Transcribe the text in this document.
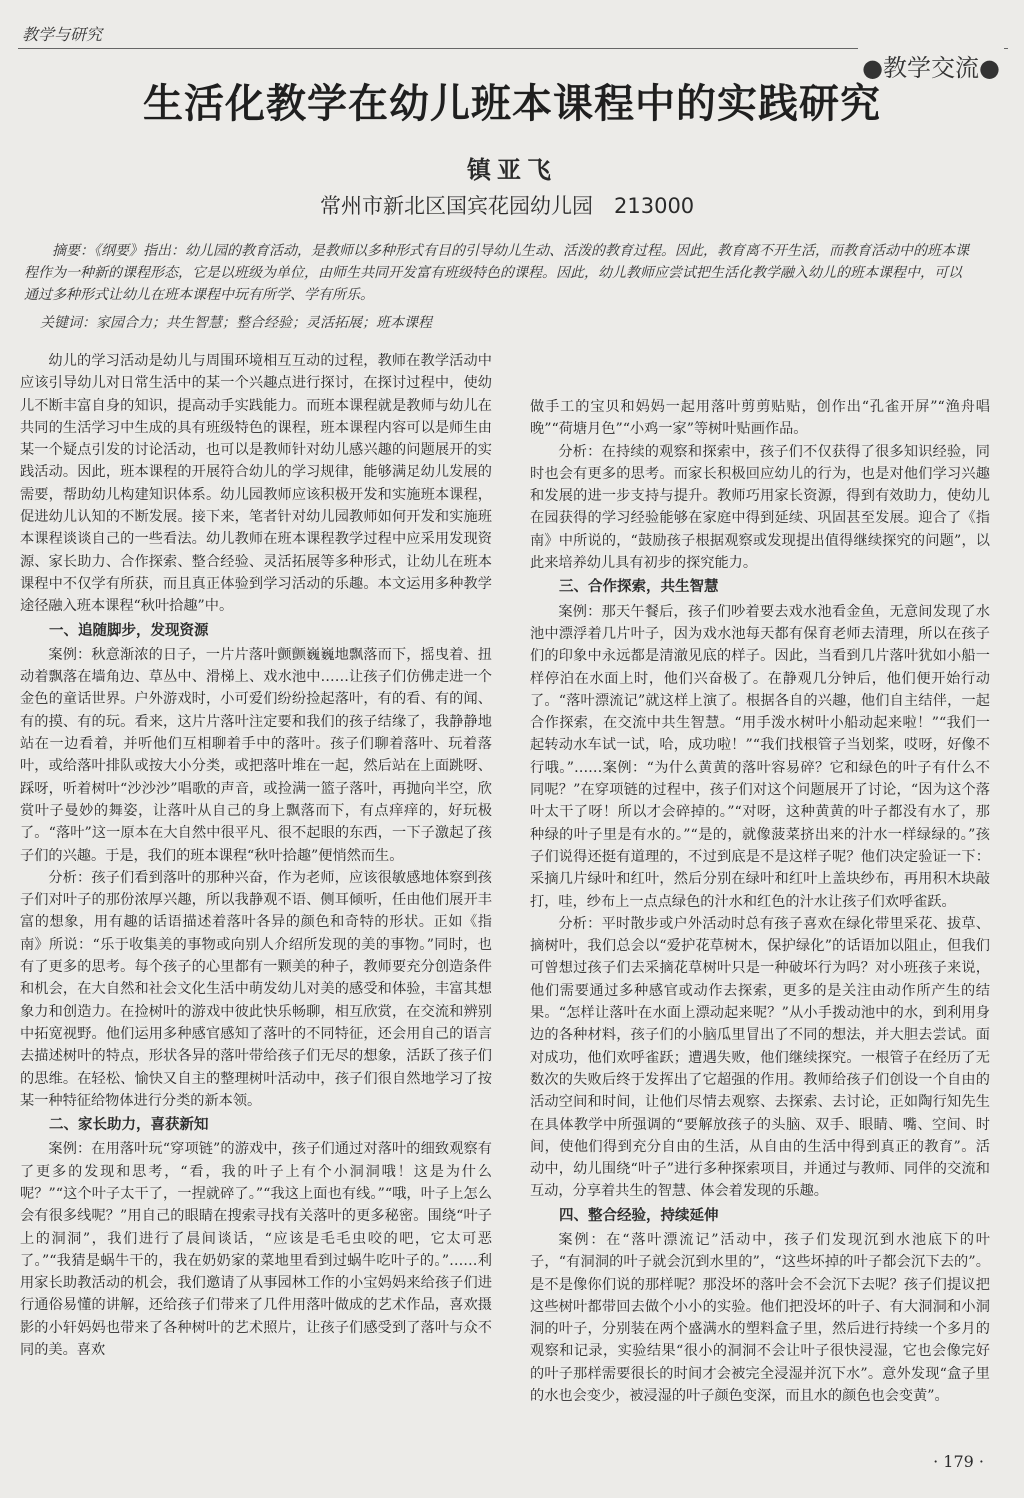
教学与研究
●教学交流●
生活化教学在幼儿班本课程中的实践研究
镇亚飞
常州市新北区国宾花园幼儿园　213000
摘要：《纲要》指出：幼儿园的教育活动，是教师以多种形式有目的引导幼儿生动、活泼的教育过程。因此，教育离不开生活，而教育活动中的班本课程作为一种新的课程形态，它是以班级为单位，由师生共同开发富有班级特色的课程。因此，幼儿教师应尝试把生活化教学融入幼儿的班本课程中，可以通过多种形式让幼儿在班本课程中玩有所学、学有所乐。
关键词：家园合力；共生智慧；整合经验；灵活拓展；班本课程

幼儿的学习活动是幼儿与周围环境相互互动的过程，教师在教学活动中应该引导幼儿对日常生活中的某一个兴趣点进行探讨，在探讨过程中，使幼儿不断丰富自身的知识，提高动手实践能力。而班本课程就是教师与幼儿在共同的生活学习中生成的具有班级特色的课程，班本课程内容可以是师生由某一个疑点引发的讨论活动，也可以是教师针对幼儿感兴趣的问题展开的实践活动。因此，班本课程的开展符合幼儿的学习规律，能够满足幼儿发展的需要，帮助幼儿构建知识体系。幼儿园教师应该积极开发和实施班本课程，促进幼儿认知的不断发展。接下来，笔者针对幼儿园教师如何开发和实施班本课程谈谈自己的一些看法。幼儿教师在班本课程教学过程中应采用发现资源、家长助力、合作探索、整合经验、灵活拓展等多种形式，让幼儿在班本课程中不仅学有所获，而且真正体验到学习活动的乐趣。本文运用多种教学途径融入班本课程“秋叶拾趣”中。

一、追随脚步，发现资源

案例：秋意渐浓的日子，一片片落叶颤颤巍巍地飘落而下，摇曳着、扭动着飘落在墙角边、草丛中、滑梯上、戏水池中……让孩子们仿佛走进一个金色的童话世界。户外游戏时，小可爱们纷纷捡起落叶，有的看、有的闻、有的摸、有的玩。看来，这片片落叶注定要和我们的孩子结缘了，我静静地站在一边看着，并听他们互相聊着手中的落叶。孩子们聊着落叶、玩着落叶，或给落叶排队或按大小分类，或把落叶堆在一起，然后站在上面跳呀、踩呀，听着树叶“沙沙沙”唱歌的声音，或捡满一篮子落叶，再抛向半空，欣赏叶子曼妙的舞姿，让落叶从自己的身上飘落而下，有点痒痒的，好玩极了。“落叶”这一原本在大自然中很平凡、很不起眼的东西，一下子激起了孩子们的兴趣。于是，我们的班本课程“秋叶拾趣”便悄然而生。

分析：孩子们看到落叶的那种兴奋，作为老师，应该很敏感地体察到孩子们对叶子的那份浓厚兴趣，所以我静观不语、侧耳倾听，任由他们展开丰富的想象，用有趣的话语描述着落叶各异的颜色和奇特的形状。正如《指南》所说：“乐于收集美的事物或向别人介绍所发现的美的事物。”同时，也有了更多的思考。每个孩子的心里都有一颗美的种子，教师要充分创造条件和机会，在大自然和社会文化生活中萌发幼儿对美的感受和体验，丰富其想象力和创造力。在捡树叶的游戏中彼此快乐畅聊，相互欣赏，在交流和辨别中拓宽视野。他们运用多种感官感知了落叶的不同特征，还会用自己的语言去描述树叶的特点，形状各异的落叶带给孩子们无尽的想象，活跃了孩子们的思维。在轻松、愉快又自主的整理树叶活动中，孩子们很自然地学习了按某一种特征给物体进行分类的新本领。

二、家长助力，喜获新知

案例：在用落叶玩“穿项链”的游戏中，孩子们通过对落叶的细致观察有了更多的发现和思考，“看，我的叶子上有个小洞洞哦！这是为什么呢？”“这个叶子太干了，一捏就碎了。”“我这上面也有线。”“哦，叶子上怎么会有很多线呢？”用自己的眼睛在搜索寻找有关落叶的更多秘密。围绕“叶子上的洞洞”，我们进行了晨间谈话，“应该是毛毛虫咬的吧，它太可恶了。”“我猜是蜗牛干的，我在奶奶家的菜地里看到过蜗牛吃叶子的。”……利用家长助教活动的机会，我们邀请了从事园林工作的小宝妈妈来给孩子们进行通俗易懂的讲解，还给孩子们带来了几件用落叶做成的艺术作品，喜欢摄影的小轩妈妈也带来了各种树叶的艺术照片，让孩子们感受到了落叶与众不同的美。喜欢

做手工的宝贝和妈妈一起用落叶剪剪贴贴，创作出“孔雀开屏”“渔舟唱晚”“荷塘月色”“小鸡一家”等树叶贴画作品。

分析：在持续的观察和探索中，孩子们不仅获得了很多知识经验，同时也会有更多的思考。而家长积极回应幼儿的行为，也是对他们学习兴趣和发展的进一步支持与提升。教师巧用家长资源，得到有效助力，使幼儿在园获得的学习经验能够在家庭中得到延续、巩固甚至发展。迎合了《指南》中所说的，“鼓励孩子根据观察或发现提出值得继续探究的问题”，以此来培养幼儿具有初步的探究能力。

三、合作探索，共生智慧

案例：那天午餐后，孩子们吵着要去戏水池看金鱼，无意间发现了水池中漂浮着几片叶子，因为戏水池每天都有保育老师去清理，所以在孩子们的印象中永远都是清澈见底的样子。因此，当看到几片落叶犹如小船一样停泊在水面上时，他们兴奋极了。在静观几分钟后，他们便开始行动了。“落叶漂流记”就这样上演了。根据各自的兴趣，他们自主结伴，一起合作探索，在交流中共生智慧。“用手泼水树叶小船动起来啦！”“我们一起转动水车试一试，哈，成功啦！”“我们找根管子当划桨，哎呀，好像不行哦。”……案例：“为什么黄黄的落叶容易碎？它和绿色的叶子有什么不同呢？”在穿项链的过程中，孩子们对这个问题展开了讨论，“因为这个落叶太干了呀！所以才会碎掉的。”“对呀，这种黄黄的叶子都没有水了，那种绿的叶子里是有水的。”“是的，就像菠菜挤出来的汁水一样绿绿的。”孩子们说得还挺有道理的，不过到底是不是这样子呢？他们决定验证一下：采摘几片绿叶和红叶，然后分别在绿叶和红叶上盖块纱布，再用积木块敲打，哇，纱布上一点点绿色的汁水和红色的汁水让孩子们欢呼雀跃。

分析：平时散步或户外活动时总有孩子喜欢在绿化带里采花、拔草、摘树叶，我们总会以“爱护花草树木，保护绿化”的话语加以阻止，但我们可曾想过孩子们去采摘花草树叶只是一种破坏行为吗？对小班孩子来说，他们需要通过多种感官或动作去探索，更多的是关注由动作所产生的结果。“怎样让落叶在水面上漂动起来呢？”从小手拨动池中的水，到利用身边的各种材料，孩子们的小脑瓜里冒出了不同的想法，并大胆去尝试。面对成功，他们欢呼雀跃；遭遇失败，他们继续探究。一根管子在经历了无数次的失败后终于发挥出了它超强的作用。教师给孩子们创设一个自由的活动空间和时间，让他们尽情去观察、去探索、去讨论，正如陶行知先生在具体教学中所强调的“要解放孩子的头脑、双手、眼睛、嘴、空间、时间，使他们得到充分自由的生活，从自由的生活中得到真正的教育”。活动中，幼儿围绕“叶子”进行多种探索项目，并通过与教师、同伴的交流和互动，分享着共生的智慧、体会着发现的乐趣。

四、整合经验，持续延伸

案例：在“落叶漂流记”活动中，孩子们发现沉到水池底下的叶子，“有洞洞的叶子就会沉到水里的”，“这些坏掉的叶子都会沉下去的”。是不是像你们说的那样呢？那没坏的落叶会不会沉下去呢？孩子们提议把这些树叶都带回去做个小小的实验。他们把没坏的叶子、有大洞洞和小洞洞的叶子，分别装在两个盛满水的塑料盒子里，然后进行持续一个多月的观察和记录，实验结果“很小的洞洞不会让叶子很快浸湿，它也会像完好的叶子那样需要很长的时间才会被完全浸湿并沉下水”。意外发现“盒子里的水也会变少，被浸湿的叶子颜色变深，而且水的颜色也会变黄”。

· 179 ·
